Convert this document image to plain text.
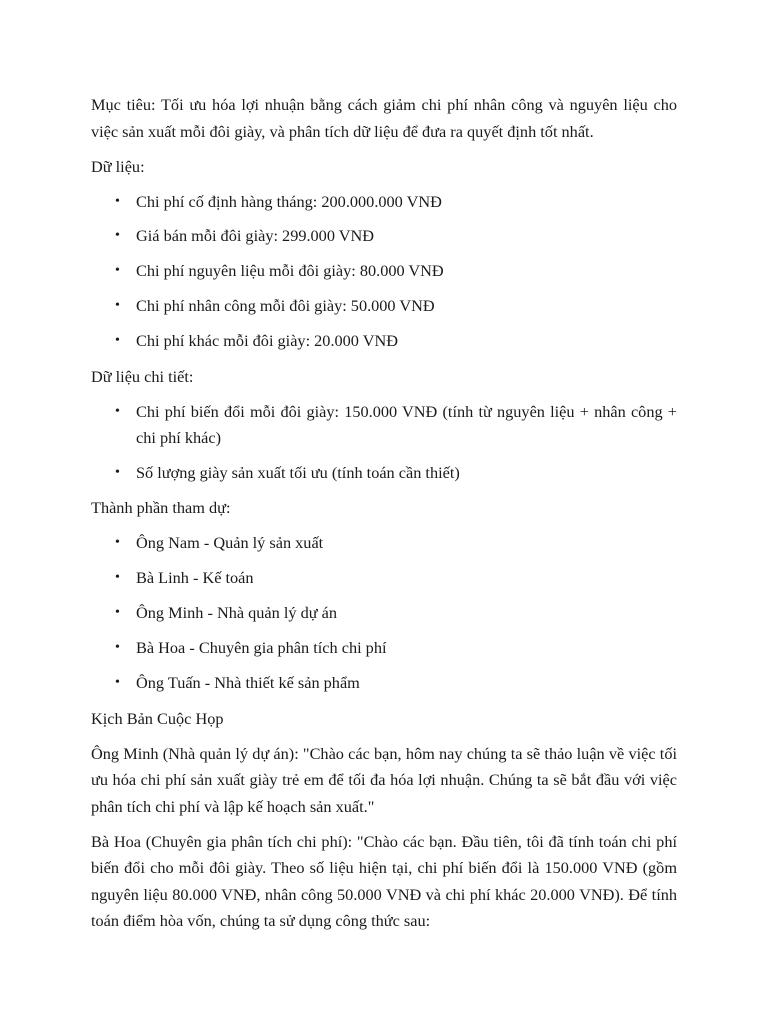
Mục tiêu: Tối ưu hóa lợi nhuận bằng cách giảm chi phí nhân công và nguyên liệu cho việc sản xuất mỗi đôi giày, và phân tích dữ liệu để đưa ra quyết định tốt nhất.

Dữ liệu:

• Chi phí cố định hàng tháng: 200.000.000 VNĐ
• Giá bán mỗi đôi giày: 299.000 VNĐ
• Chi phí nguyên liệu mỗi đôi giày: 80.000 VNĐ
• Chi phí nhân công mỗi đôi giày: 50.000 VNĐ
• Chi phí khác mỗi đôi giày: 20.000 VNĐ

Dữ liệu chi tiết:

• Chi phí biến đổi mỗi đôi giày: 150.000 VNĐ (tính từ nguyên liệu + nhân công + chi phí khác)
• Số lượng giày sản xuất tối ưu (tính toán cần thiết)

Thành phần tham dự:

• Ông Nam - Quản lý sản xuất
• Bà Linh - Kế toán
• Ông Minh - Nhà quản lý dự án
• Bà Hoa - Chuyên gia phân tích chi phí
• Ông Tuấn - Nhà thiết kế sản phẩm

Kịch Bản Cuộc Họp

Ông Minh (Nhà quản lý dự án): "Chào các bạn, hôm nay chúng ta sẽ thảo luận về việc tối ưu hóa chi phí sản xuất giày trẻ em để tối đa hóa lợi nhuận. Chúng ta sẽ bắt đầu với việc phân tích chi phí và lập kế hoạch sản xuất."

Bà Hoa (Chuyên gia phân tích chi phí): "Chào các bạn. Đầu tiên, tôi đã tính toán chi phí biến đổi cho mỗi đôi giày. Theo số liệu hiện tại, chi phí biến đổi là 150.000 VNĐ (gồm nguyên liệu 80.000 VNĐ, nhân công 50.000 VNĐ và chi phí khác 20.000 VNĐ). Để tính toán điểm hòa vốn, chúng ta sử dụng công thức sau:
